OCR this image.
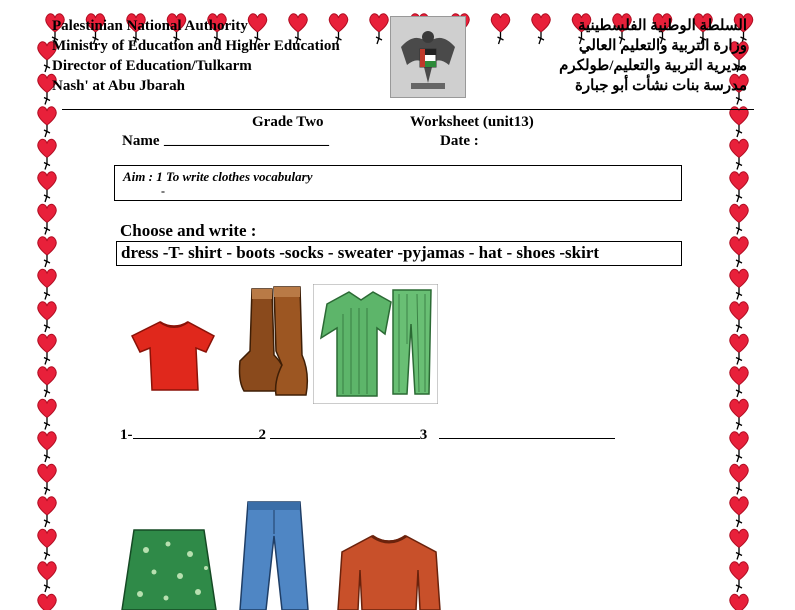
Palestinian National Authority
Ministry of Education and Higher Education
Director of Education/Tulkarm
Nash' at Abu Jbarah
السلطة الوطنية الفلسطينية
وزارة التربية والتعليم العالي
مديرية التربية والتعليم/طولكرم
مدرسة بنات نشأت أبو جبارة
Grade Two	Worksheet (unit13)
Name ______________________	Date :
Aim : 1 To write clothes vocabulary
-
Choose and write :
dress -T- shirt - boots -socks - sweater -pyjamas - hat - shoes -skirt
1-	2	3
